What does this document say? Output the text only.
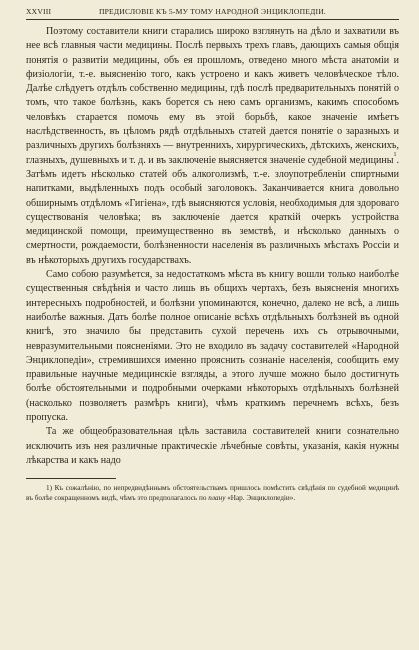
XXVIII	ПРЕДИСЛОВIЕ КЪ 5-МУ ТОМУ НАРОДНОЙ ЭНЦИКЛОПЕДIИ.

Поэтому составители книги старались широко взглянуть на дѣло и захватили въ нее всѣ главныя части медицины. Послѣ первыхъ трехъ главъ, дающихъ самыя общiя понятiя о развитiи медицины, объ ея прошломъ, отведено много мѣста анатомiи и физiологiи, т.-е. выясненiю того, какъ устроено и какъ живетъ человѣческое тѣло. Далѣе слѣдуетъ отдѣлъ собственно медицины, гдѣ послѣ предварительныхъ понятiй о томъ, что такое болѣзнь, какъ борется съ нею самъ организмъ, какимъ способомъ человѣкъ старается помочь ему въ этой борьбѣ, какое значенiе имѣетъ наслѣдственность, въ цѣломъ рядѣ отдѣльныхъ статей дается понятiе о заразныхъ и различныхъ другихъ болѣзняхъ — внутреннихъ, хирургическихъ, дѣтскихъ, женскихъ, глазныхъ, душевныхъ и т. д. и въ заключенiе выясняется значенiе судебной медицины$^1$. Затѣмъ идетъ нѣсколько статей объ алкоголизмѣ, т.-е. злоупотребленiи спиртными напитками, выдѣленныхъ подъ особый заголовокъ. Заканчивается книга довольно обширнымъ отдѣломъ «Гигiена», гдѣ выясняются условiя, необходимыя для здороваго существованiя человѣка; въ заключенiе дается краткiй очеркъ устройства медицинской помощи, преимущественно въ земствѣ, и нѣсколько данныхъ о смертности, рождаемости, болѣзненности населенiя въ различныхъ мѣстахъ Россiи и въ нѣкоторыхъ другихъ государствахъ.

Само собою разумѣется, за недостаткомъ мѣста въ книгу вошли только наиболѣе существенныя свѣдѣнiя и часто лишь въ общихъ чертахъ, безъ выясненiя многихъ интересныхъ подробностей, и болѣзни упоминаются, конечно, далеко не всѣ, а лишь наиболѣе важныя. Дать болѣе полное описанiе всѣхъ отдѣльныхъ болѣзней въ одной книгѣ, это значило бы представить сухой перечень ихъ съ отрывочными, невразумительными поясненiями. Это не входило въ задачу составителей «Народной Энциклопедiи», стремившихся именно прояснить сознанiе населенiя, сообщить ему правильные научные медицинскiе взгляды, а этого лучше можно было достигнуть болѣе обстоятельными и подробными очерками нѣкоторыхъ отдѣльныхъ болѣзней (насколько позволяетъ размѣръ книги), чѣмъ краткимъ перечнемъ всѣхъ, безъ пропуска.

Та же общеобразовательная цѣль заставила составителей книги сознательно исключить изъ нея различные практическiе лѣчебные совѣты, указанiя, какiя нужны лѣкарства и какъ надо

1) Къ сожалѣнiю, по непредвидѣннымъ обстоятельствамъ пришлось помѣстить свѣдѣнiя по судебной медицинѣ въ болѣе сокращенномъ видѣ, чѣмъ это предполагалось по плану «Нар. Энциклопедiи».
